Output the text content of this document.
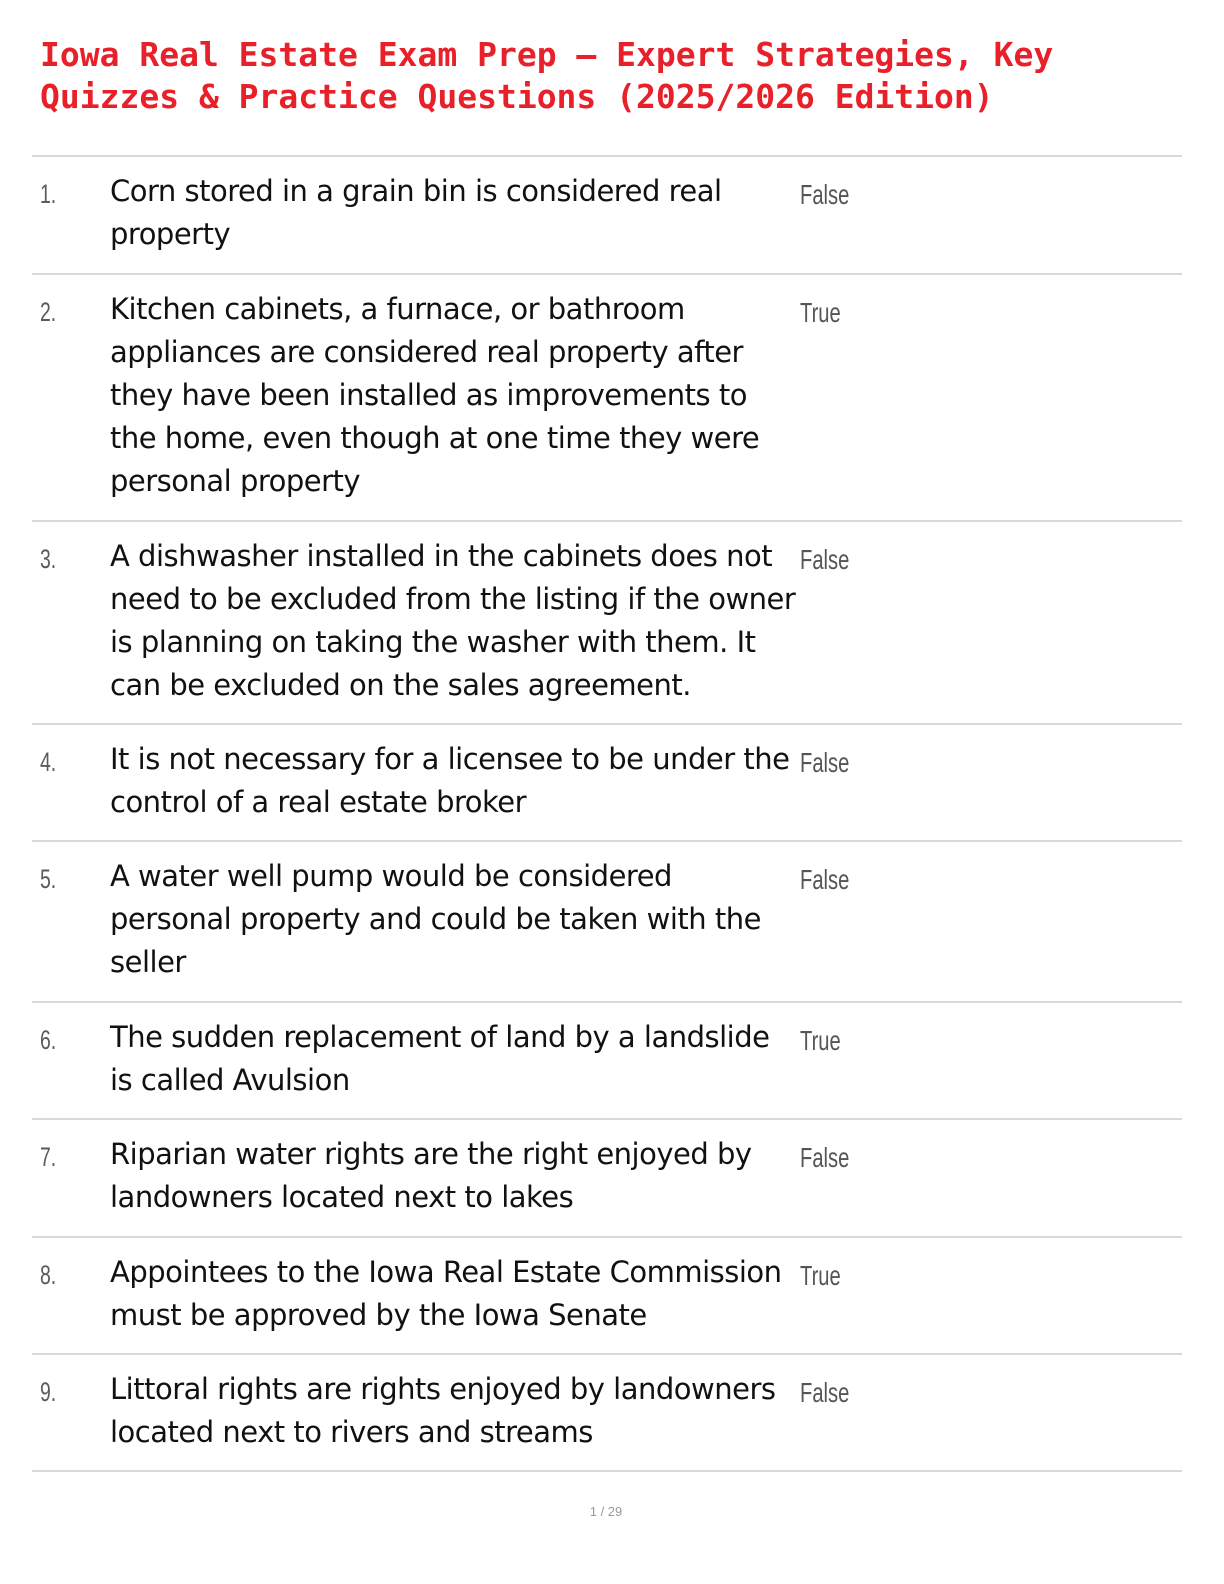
Iowa Real Estate Exam Prep – Expert Strategies, Key
Quizzes & Practice Questions (2025/2026 Edition)
1. Corn stored in a grain bin is considered real property
False
2. Kitchen cabinets, a furnace, or bathroom appliances are considered real property after they have been installed as improvements to the home, even though at one time they were personal property
True
3. A dishwasher installed in the cabinets does not need to be excluded from the listing if the owner is planning on taking the washer with them. It can be excluded on the sales agreement.
False
4. It is not necessary for a licensee to be under the control of a real estate broker
False
5. A water well pump would be considered personal property and could be taken with the seller
False
6. The sudden replacement of land by a landslide is called Avulsion
True
7. Riparian water rights are the right enjoyed by landowners located next to lakes
False
8. Appointees to the Iowa Real Estate Commission must be approved by the Iowa Senate
True
9. Littoral rights are rights enjoyed by landowners located next to rivers and streams
False
1 / 29
